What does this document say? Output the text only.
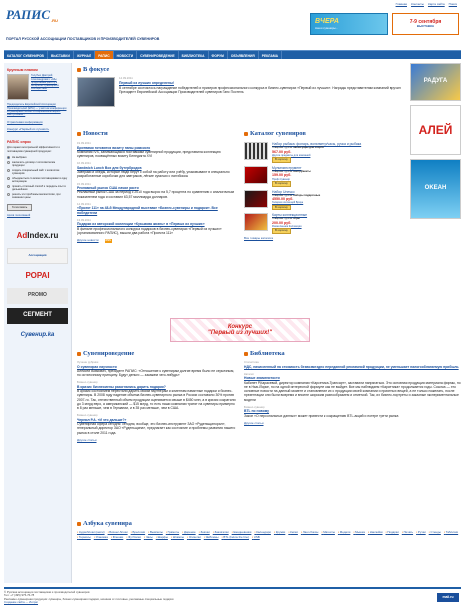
РАПИС .RU
ПОРТАЛ РУССКОЙ АССОЦИАЦИИ ПОСТАВЩИКОВ И ПРОИЗВОДИТЕЛЕЙ СУВЕНИРОВ
Главная Контакты Карта сайта Поиск
ВЧЕРА
Наши сувениры...
7-9 сентября
ВЫСТАВКА
КАТАЛОГ СУВЕНИРОВ	ВЫСТАВКИ	ЖУРНАЛ	РАПИС	НОВОСТИ	СУВЕНИРОВЕДЕНИЕ	БИБЛИОТЕКА	ФОРУМ	ОБЪЯВЛЕНИЯ	РЕКЛАМА
Крупным планом
Голубых Дмитрий Александрович: «Мы продолжаем работу в интересах сувенирного сообщества»
Председатель Европейской Ассоциации Производителей (ЕПА) — участник конференции «Сувенирный бизнес в современном мире». Выступление...
Отраслевая информация
Конкурс «Первый из лучших!»
РАПИС опрос
Для оценки интегральной эффективности и поставщиков сувенирной продукции:
Не выбрано
заключить договор с изготовителем продукции
создать специальный сайт с каталогом сувениров
объединиться со всеми поставщиками в одну ассоциацию
принять отличный способ и передать опыт в дальнейшем
решить эти проблемы мелкооптово, при снижении цены
Голосовать
Архив голосований
Ad Index.ru
Ассоциация
РОРАІ
PROMO
СЕГМЕНТ
Сувенир.ka
РАДУГА
АЛЕЙ
OKEAH
В фокусе
14.09.2011
Первый из лучших определены!
В сентябре состоялось награждение победителей и призеров профессионального конкурса в бизнес-сувенирах «Первый из лучших». Награды представителям компаний вручил Президент Европейской Ассоциации Производителей сувениров Ганс Постель
Новости
19.09.2011
Бритвами готовятся визиту папы римского
Компания IVS, занимающаяся поставками сувенирной продукции, представила коллекцию сувениров, посвящённых визиту Бенедикта XVI
16.09.2011
Sandwich Lunch Box для бутербродов
Завтраки и обеды, которые люди берут с собой на работу или учёбу, упаковывают в специально разработанные коробочки для завтраков, лёгкие сумочки с ланчбоксы
15.09.2011
Рекламный рынок США начал расти
Рекламный рынок США за период с 2010 года вырос на 5,7 процента по сравнению с аналогичным показателем года и составил 63,57 миллиарда долларов.
14.09.2011
«Проект 111» на 48-й Международной выставке «Бизнес-сувениры и подарки». Все победители
13.09.2011
Подарки из авторской коллекции «Кузьмова жизнь» в «Первых из лучших»
В финале профессионального конкурса подарков в бизнес-сувенирах «Первый из лучших» (организованного РАПИС), вышли два работа «Проекта 111»
Другие новости	RSS
Каталог сувениров
Набор рыбака: фонарь, вольтметр/часы, ручка и рыбака
Товарная группа: аксессуары для спорта
567.00 руб.
Другие предметы для компаний
В корзину
Мультиинструмент
Товарная группа: инструменты
159.00 руб.
Проф.Сувенир
В корзину
Набор Unesco
Товарная группа: наборы подарочные
4550.00 руб.
Галерея коллекций Браун
В корзину
Карты коллекционные
Товарная группа: игры
200.00 руб.
Ремесленник Коллекция
В корзину
Все товары каталога
Конкурс
"Первый из лучших!"
Сувенироведение
Лучшие рубрики
О сувенирах научности
Алексей Вовкович, президент РАПИС: «Отношение к сувенирам долгие время было не серьезным, по остаточному принципу. Будут деньги — закажем чего-нибудь»
Бизнес-сувенир
В кризис бизнесмены разогнались дарить подарки?
В кризис состоянием перестали дарить своим партнерам и клиентам памятные подарки и бизнес-сувениры. В 2008 году падение объема бизнес-сувенирного рынка в России составило 30% против 2007-го. Так, отечественный объем продукции оценивается свыше в $450 млн, а в кризис сократили до 3 млрд евро, а американский — $15 млрд, то есть наши компании тратят на сувениры примерно в 8 раз меньше, чем в Германии, и в 35 раз меньше, чем в США.
Бизнес-сувенир
Чернил Р.А. «И что дальше?»
Сувенирная сфера сегодня: сегодня, вообще, это бизнес-инструмент ЗАО «Руденьщинорал», генеральный директор ЗАО «Руденьщина», предлагает как состояние и проблемы развития нашего рынка в стиле 2011 года.
Другие статьи
Библиотека
Статистика
НДС, начисленный на стоимость безвозмездно переданной рекламной продукции, не уменьшает налогооблагаемую прибыль
Каталог
Новые знаменитости
Кабинет Р.Карасевой, директор компании «Карсетика-Трансарт», заставили напрягаться. Это основная продукция материала фирмы, но не в Нью-Йорке, но на одной интересной формуле как не выйдет. Все мы наблюдаем «Карсетика» продолжается годы. Ссылка — это основные новости на данный момент и становление их с продукции своей компании и приятных вещей, а не только пожелать, после презентации они были вовремя и вполне широким разнообразием и отметкой. Так, их бизнес-портреты и заказные экспериментальные модели
Бизнес-сувенир
BTL по новому
Закон «О персональных данных» может привести к сокращению BTL-акций и потере трети рынка
Другие статьи
Азбука сувенира
▪ Аудиоблоки (книги)	▪ Бизнес-блоки	▪ Брелочки	▪ Вымпелы	▪ Грамоты	▪ Дарение	▪ Значки	▪ Зажигалки	▪ Ежедневники	▪ Календари	▪ Кружки	▪ Кепки	▪ Ланч-боксы	▪ Магниты	▪ Медали	▪ Мышка	▪ Наклейки	▪ Подарки	▪ Печать	▪ Ручки	▪ Стенды	▪ Таблички
▪ Термосы	▪ Упаковка	▪ Флешки	▪ Футболки	▪ Часы	▪ Шарфы	▪ Штампы	▪ Этикетки	▪ Эмблемы	▪ BTL (below the line)	▪ USB
© Русская ассоциация поставщиков и производителей сувениров
Тел: +7 (495) 975-76-78
Рекламно-сувенирная продукция: сувениры, бизнес-сувенирная подарки, начиная от почтовые, рекламные специальные подарки
Создание сайта — Интраг
mail.ru
